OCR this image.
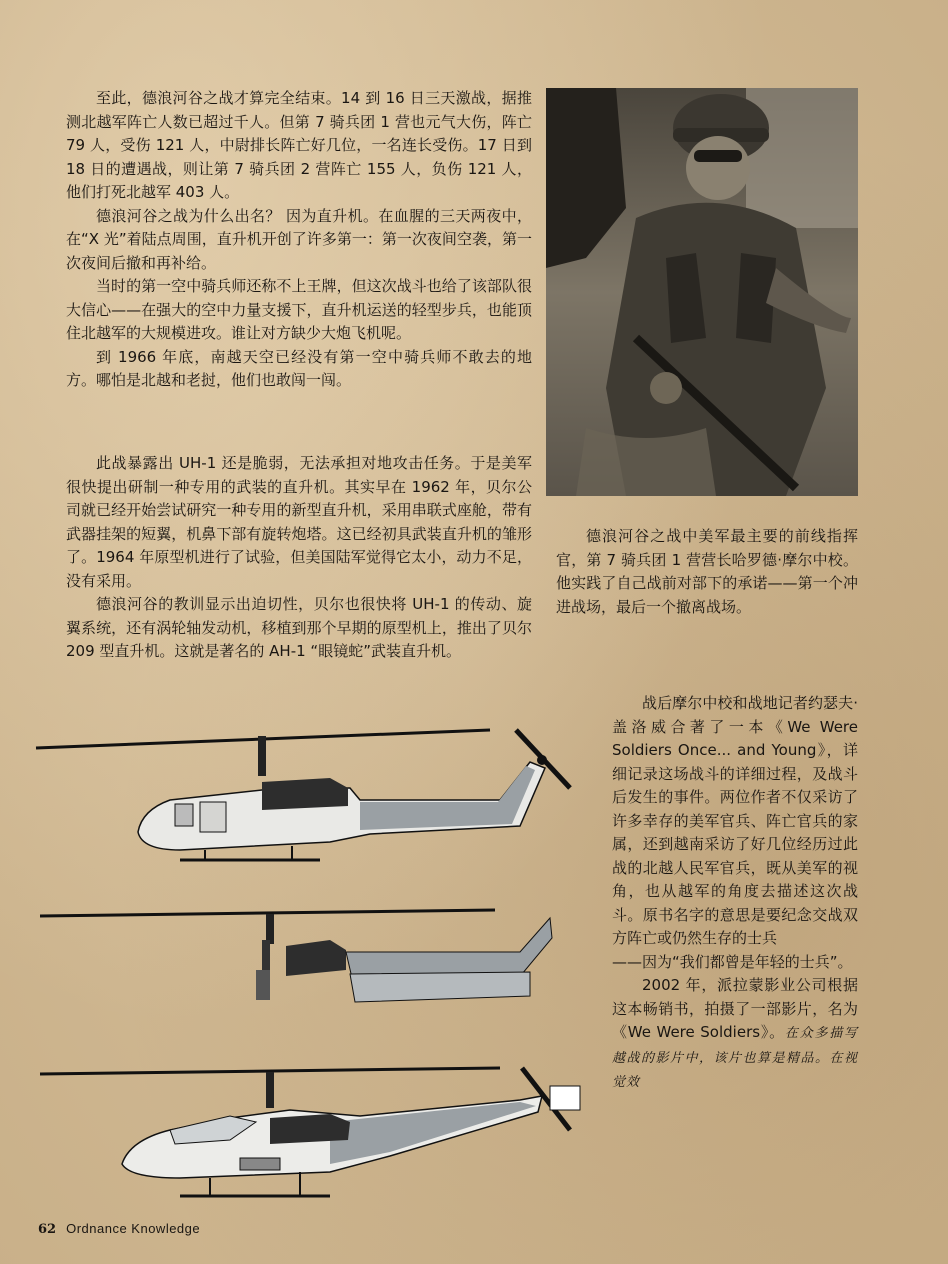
至此，德浪河谷之战才算完全结束。14 到 16 日三天激战，据推测北越军阵亡人数已超过千人。但第 7 骑兵团 1 营也元气大伤，阵亡 79 人，受伤 121 人，中尉排长阵亡好几位，一名连长受伤。17 日到 18 日的遭遇战，则让第 7 骑兵团 2 营阵亡 155 人，负伤 121 人，他们打死北越军 403 人。

德浪河谷之战为什么出名？ 因为直升机。在血腥的三天两夜中，在“X 光”着陆点周围，直升机开创了许多第一：第一次夜间空袭，第一次夜间后撤和再补给。

当时的第一空中骑兵师还称不上王牌，但这次战斗也给了该部队很大信心——在强大的空中力量支援下，直升机运送的轻型步兵，也能顶住北越军的大规模进攻。谁让对方缺少大炮飞机呢。

到 1966 年底，南越天空已经没有第一空中骑兵师不敢去的地方。哪怕是北越和老挝，他们也敢闯一闯。

此战暴露出 UH-1 还是脆弱，无法承担对地攻击任务。于是美军很快提出研制一种专用的武装的直升机。其实早在 1962 年，贝尔公司就已经开始尝试研究一种专用的新型直升机，采用串联式座舱，带有武器挂架的短翼，机鼻下部有旋转炮塔。这已经初具武装直升机的雏形了。1964 年原型机进行了试验，但美国陆军觉得它太小，动力不足，没有采用。

德浪河谷的教训显示出迫切性，贝尔也很快将 UH-1 的传动、旋翼系统，还有涡轮轴发动机，移植到那个早期的原型机上，推出了贝尔 209 型直升机。这就是著名的 AH-1 “眼镜蛇”武装直升机。

德浪河谷之战中美军最主要的前线指挥官，第 7 骑兵团 1 营营长哈罗德·摩尔中校。他实践了自己战前对部下的承诺——第一个冲进战场，最后一个撤离战场。

战后摩尔中校和战地记者约瑟夫·盖洛威合著了一本《We Were Soldiers Once... and Young》，详细记录这场战斗的详细过程，及战斗后发生的事件。两位作者不仅采访了许多幸存的美军官兵、阵亡官兵的家属，还到越南采访了好几位经历过此战的北越人民军官兵，既从美军的视角，也从越军的角度去描述这次战斗。原书名字的意思是要纪念交战双方阵亡或仍然生存的士兵

——因为“我们都曾是年轻的士兵”。

2002 年，派拉蒙影业公司根据这本畅销书，拍摄了一部影片，名为《We Were Soldiers》。在众多描写越战的影片中，该片也算是精品。在视觉效

62 Ordnance Knowledge
